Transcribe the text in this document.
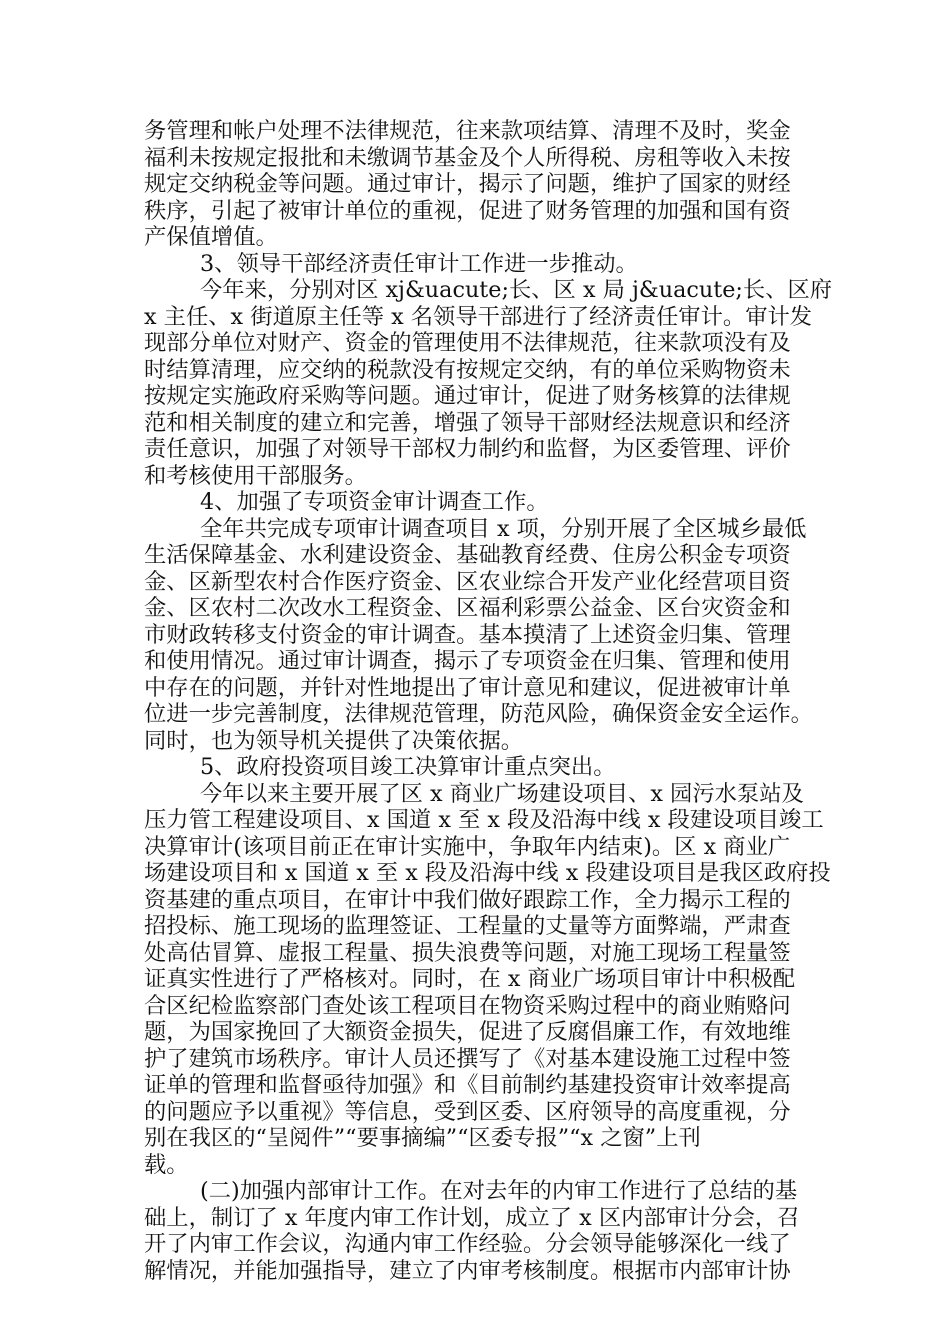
务管理和帐户处理不法律规范，往来款项结算、清理不及时，奖金
福利未按规定报批和未缴调节基金及个人所得税、房租等收入未按
规定交纳税金等问题。通过审计，揭示了问题，维护了国家的财经
秩序，引起了被审计单位的重视，促进了财务管理的加强和国有资
产保值增值。
3、领导干部经济责任审计工作进一步推动。
今年来，分别对区 xj&uacute;长、区 x 局 j&uacute;长、区府
x 主任、x 街道原主任等 x 名领导干部进行了经济责任审计。审计发
现部分单位对财产、资金的管理使用不法律规范，往来款项没有及
时结算清理，应交纳的税款没有按规定交纳，有的单位采购物资未
按规定实施政府采购等问题。通过审计，促进了财务核算的法律规
范和相关制度的建立和完善，增强了领导干部财经法规意识和经济
责任意识，加强了对领导干部权力制约和监督，为区委管理、评价
和考核使用干部服务。
4、加强了专项资金审计调查工作。
全年共完成专项审计调查项目 x 项，分别开展了全区城乡最低
生活保障基金、水利建设资金、基础教育经费、住房公积金专项资
金、区新型农村合作医疗资金、区农业综合开发产业化经营项目资
金、区农村二次改水工程资金、区福利彩票公益金、区台灾资金和
市财政转移支付资金的审计调查。基本摸清了上述资金归集、管理
和使用情况。通过审计调查，揭示了专项资金在归集、管理和使用
中存在的问题，并针对性地提出了审计意见和建议，促进被审计单
位进一步完善制度，法律规范管理，防范风险，确保资金安全运作。
同时，也为领导机关提供了决策依据。
5、政府投资项目竣工决算审计重点突出。
今年以来主要开展了区 x 商业广场建设项目、x 园污水泵站及
压力管工程建设项目、x 国道 x 至 x 段及沿海中线 x 段建设项目竣工
决算审计(该项目前正在审计实施中，争取年内结束)。区 x 商业广
场建设项目和 x 国道 x 至 x 段及沿海中线 x 段建设项目是我区政府投
资基建的重点项目，在审计中我们做好跟踪工作，全力揭示工程的
招投标、施工现场的监理签证、工程量的丈量等方面弊端，严肃查
处高估冒算、虚报工程量、损失浪费等问题，对施工现场工程量签
证真实性进行了严格核对。同时，在 x 商业广场项目审计中积极配
合区纪检监察部门查处该工程项目在物资采购过程中的商业贿赂问
题，为国家挽回了大额资金损失，促进了反腐倡廉工作，有效地维
护了建筑市场秩序。审计人员还撰写了《对基本建设施工过程中签
证单的管理和监督亟待加强》和《目前制约基建投资审计效率提高
的问题应予以重视》等信息，受到区委、区府领导的高度重视，分
别在我区的“呈阅件”“要事摘编”“区委专报”“x 之窗”上刊
载。
(二)加强内部审计工作。在对去年的内审工作进行了总结的基
础上，制订了 x 年度内审工作计划，成立了 x 区内部审计分会，召
开了内审工作会议，沟通内审工作经验。分会领导能够深化一线了
解情况，并能加强指导，建立了内审考核制度。根据市内部审计协
